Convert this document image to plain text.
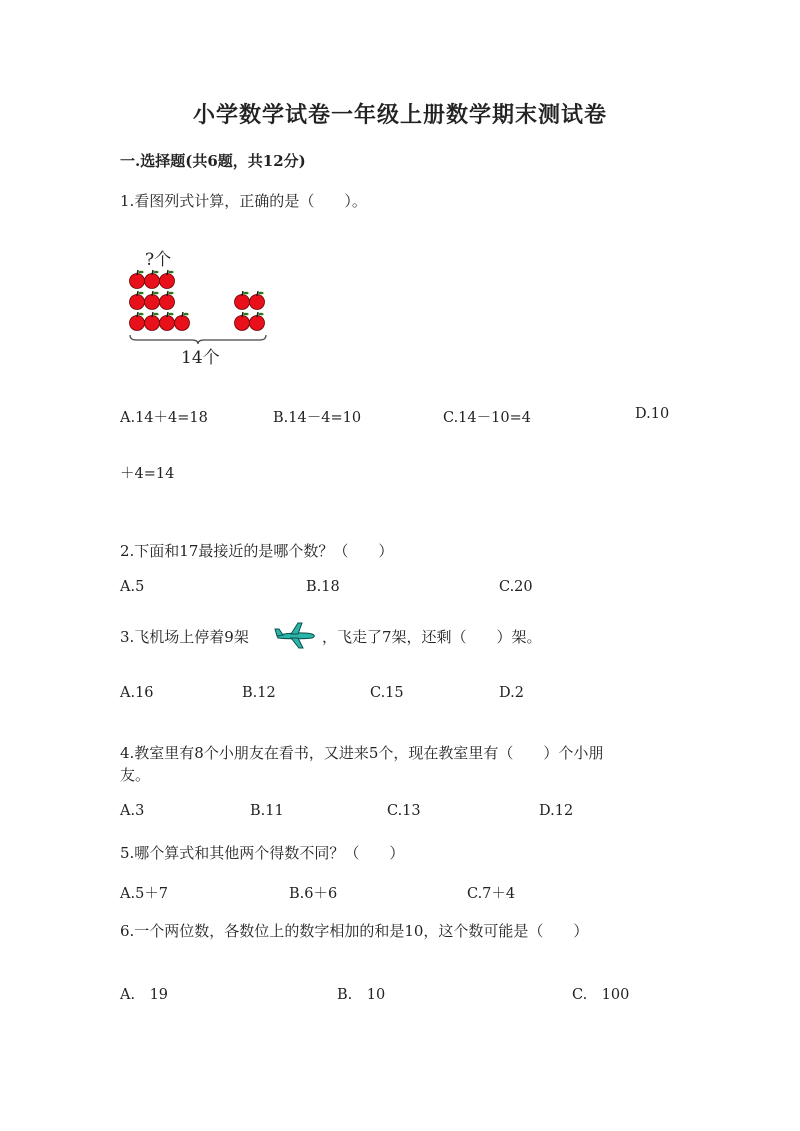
小学数学试卷一年级上册数学期末测试卷
一.选择题(共6题，共12分)
1.看图列式计算，正确的是（　　）。
?个
14个
A.14＋4=18	B.14－4=10	C.14－10=4	D.10
＋4=14
2.下面和17最接近的是哪个数？（　　）
A.5	B.18	C.20
3.飞机场上停着9架	，飞走了7架，还剩（　　）架。
A.16	B.12	C.15	D.2
4.教室里有8个小朋友在看书，又进来5个，现在教室里有（　　）个小朋
友。
A.3	B.11	C.13	D.12
5.哪个算式和其他两个得数不同？（　　）
A.5＋7	B.6＋6	C.7＋4
6.一个两位数，各数位上的数字相加的和是10，这个数可能是（　　）
A.　19	B.　10	C.　100
